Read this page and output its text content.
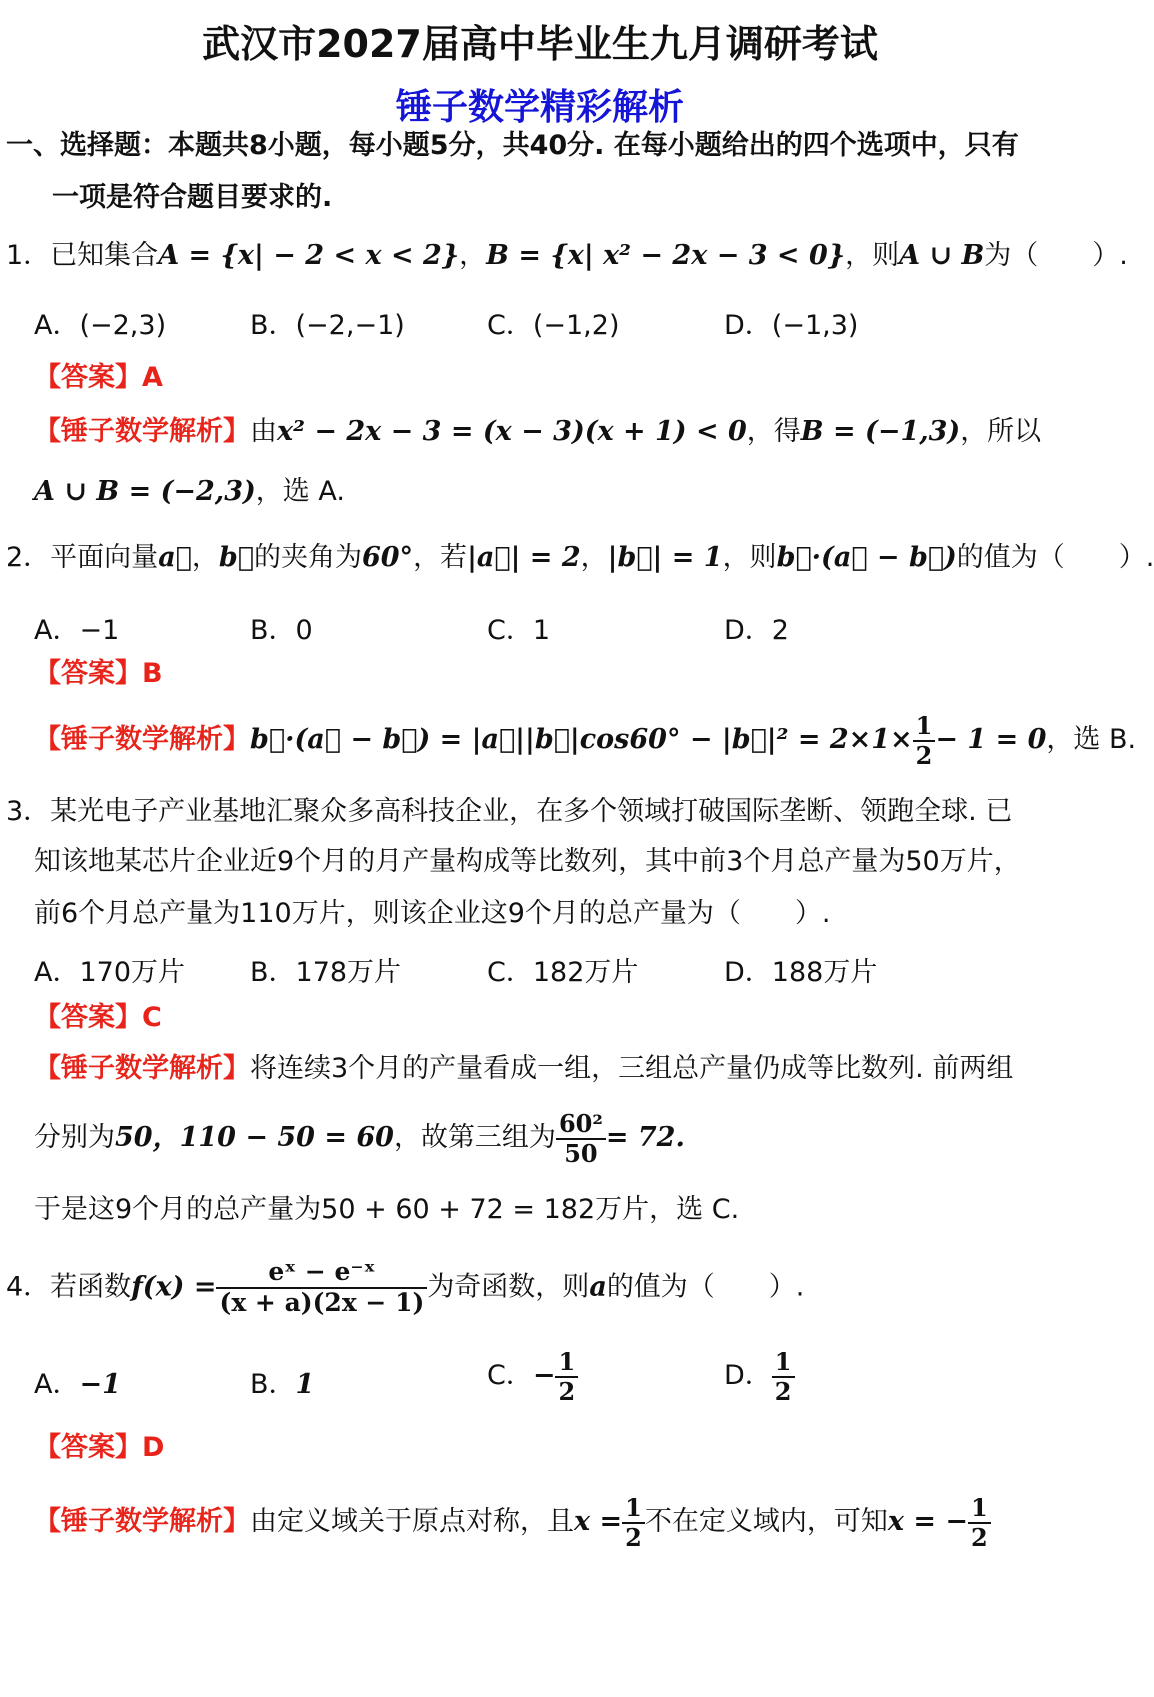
武汉市2027届高中毕业生九月调研考试
锤子数学精彩解析
一、选择题：本题共8小题，每小题5分，共40分. 在每小题给出的四个选项中，只有
一项是符合题目要求的.
1．已知集合A = {x| − 2 < x < 2}，B = {x| x² − 2x − 3 < 0}，则A ∪ B为（　　）.
A．(−2,3)	B．(−2,−1)	C．(−1,2)	D．(−1,3)
【答案】A
【锤子数学解析】由x² − 2x − 3 = (x − 3)(x + 1) < 0，得B = (−1,3)，所以
A ∪ B = (−2,3)，选 A.
2．平面向量a⃗，b⃗的夹角为60°，若|a⃗| = 2，|b⃗| = 1，则b⃗·(a⃗ − b⃗)的值为（　　）.
A．−1	B．0	C．1	D．2
【答案】B
【锤子数学解析】b⃗·(a⃗ − b⃗) = |a⃗||b⃗|cos60° − |b⃗|² = $2\times 1\times \frac{1}{2} - 1 = 0$，选 B.
3．某光电子产业基地汇聚众多高科技企业，在多个领域打破国际垄断、领跑全球. 已
知该地某芯片企业近9个月的月产量构成等比数列，其中前3个月总产量为50万片，
前6个月总产量为110万片，则该企业这9个月的总产量为（　　）.
A．170万片 B．178万片	C．182万片	D．188万片
【答案】C
【锤子数学解析】将连续3个月的产量看成一组，三组总产量仍成等比数列. 前两组
分别为50，110 − 50 = 60，故第三组为 $\frac{\text{60²}}{50} = 72$.
于是这9个月的总产量为50 + 60 + 72 = 182万片，选 C.
4．若函数$f(x) = \frac{\text{eˣ − e⁻ˣ}}{(x + a)(2x - 1)}$ 为奇函数，则a的值为（　　）.
A．−1	B．1	C．− $\frac{1}{2}$	D． $\frac{1}{2}$
【答案】D
【锤子数学解析】由定义域关于原点对称，且$x = \frac{1}{2}$ 不在定义域内，可知x = − $\frac{1}{2}$
